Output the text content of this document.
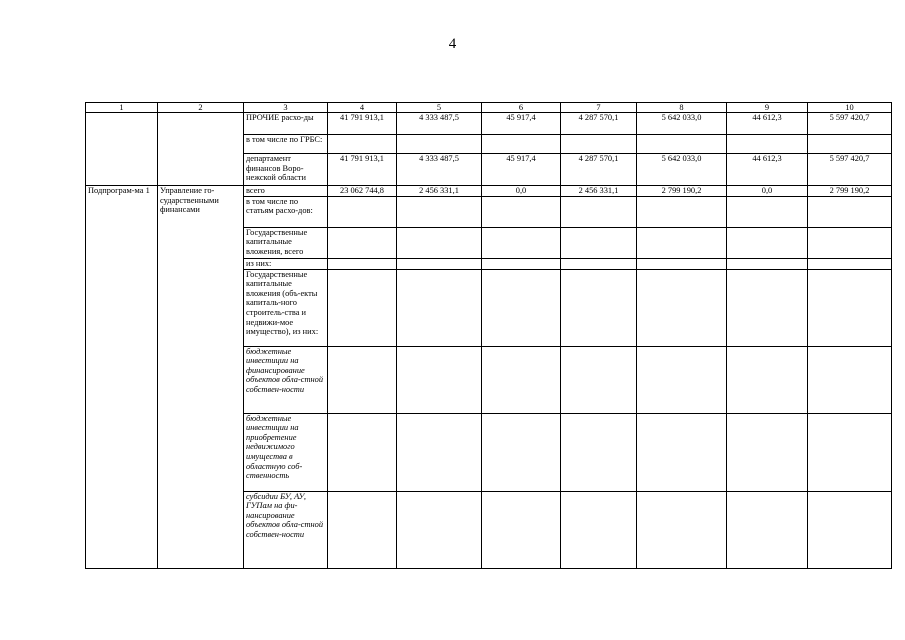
4
1	2	3	4	5	6	7	8	9	10
		ПРОЧИЕ расхо-ды	41 791 913,1	4 333 487,5	45 917,4	4 287 570,1	5 642 033,0	44 612,3	5 597 420,7
		в том числе по ГРБС:							
		департамент финансов Воро-нежской области	41 791 913,1	4 333 487,5	45 917,4	4 287 570,1	5 642 033,0	44 612,3	5 597 420,7
Подпрограм-ма 1	Управление го-сударственными финансами	всего	23 062 744,8	2 456 331,1	0,0	2 456 331,1	2 799 190,2	0,0	2 799 190,2
		в том числе по статьям расхо-дов:							
		Государственные капитальные вложения, всего							
		из них:							
		Государственные капитальные вложения (объ-екты капиталь-ного строитель-ства и недвижи-мое имущество), из них:							
		бюджетные инвестиции на финансирование объектов обла-стной собствен-ности							
		бюджетные инвестиции на приобретение недвижимого имущества в областную соб-ственность							
		субсидии БУ, АУ, ГУПам на фи-нансирование объектов обла-стной собствен-ности							
